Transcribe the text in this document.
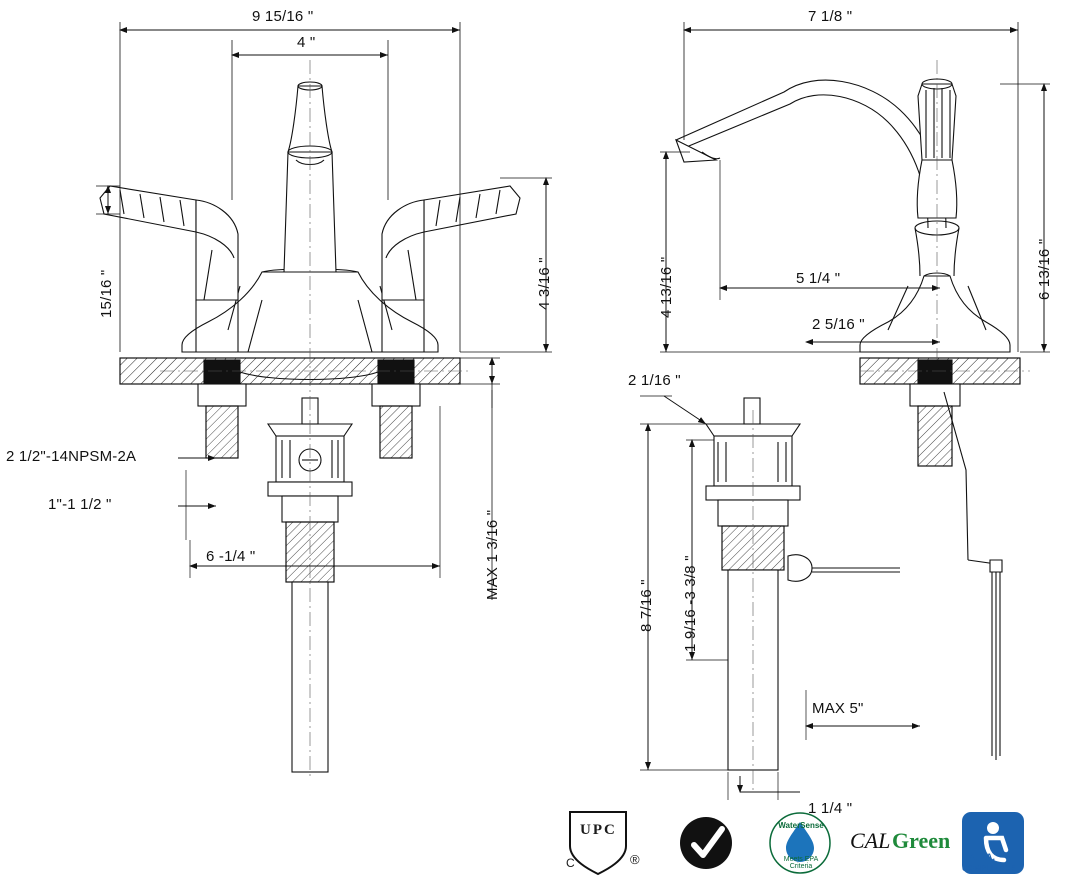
9 15/16 "
4 "
15/16 "	4 3/16 "
2 1/2"-14NPSM-2A
1"-1 1/2 "
6 -1/4 "	MAX 1 3/16 "
7 1/8 "
4 13/16 "	6 13/16 "
5 1/4 "
2 5/16 "
2 1/16 "
8 7/16 " 1 9/16 -3 3/8 "
MAX 5"
1 1/4 "
UPC
C	®
WaterSense
Meets EPA Criteria
CAL Green
A.D.A.
COMPLIANCE
